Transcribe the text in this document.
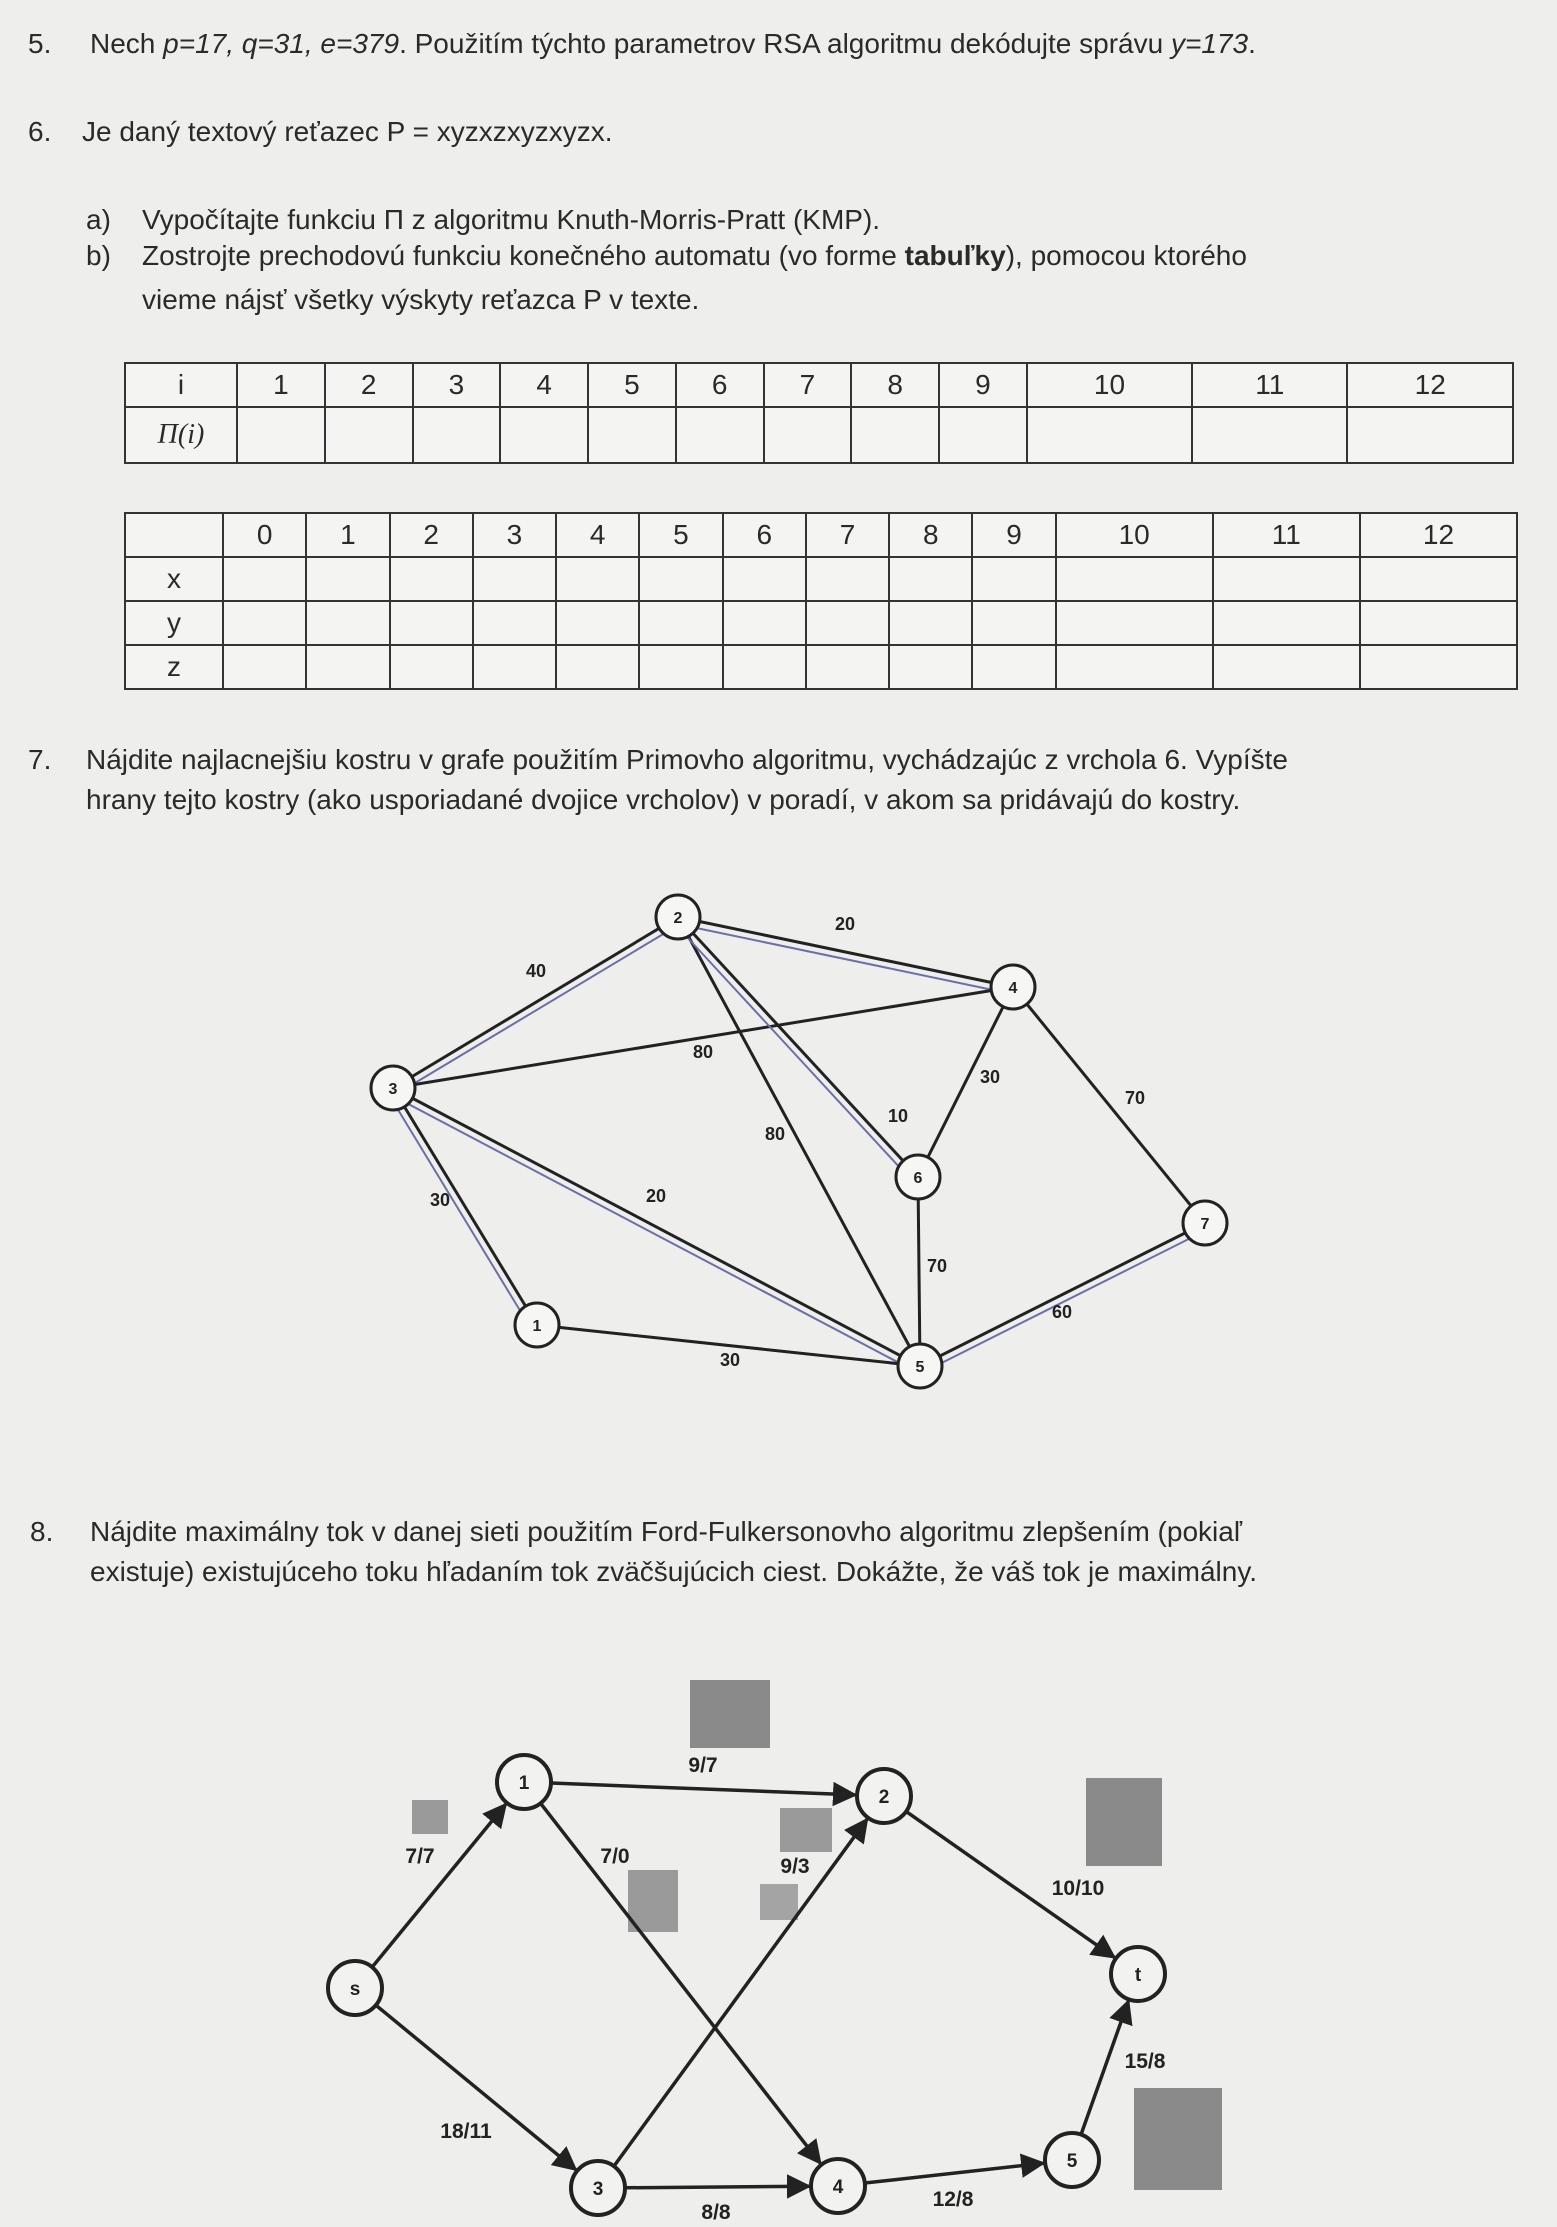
5. Nech p=17, q=31, e=379. Použitím týchto parametrov RSA algoritmu dekódujte správu y=173.
6. Je daný textový reťazec P = xyzxzxyzxyzx.
a) Vypočítajte funkciu Π z algoritmu Knuth-Morris-Pratt (KMP).
b) Zostrojte prechodovú funkciu konečného automatu (vo forme tabuľky), pomocou ktorého
vieme nájsť všetky výskyty reťazca P v texte.
i	1	2	3	4	5	6	7	8	9	10	11	12
Π(i)												
	0	1	2	3	4	5	6	7	8	9	10	11	12
x													
y													
z													
7. Nájdite najlacnejšiu kostru v grafe použitím Primovho algoritmu, vychádzajúc z vrchola 6. Vypíšte
hrany tejto kostry (ako usporiadané dvojice vrcholov) v poradí, v akom sa pridávajú do kostry.
40
20
80
80
10
30
70
30	20
70
60
30
1
2
3
4
5
6
7
8. Nájdite maximálny tok v danej sieti použitím Ford-Fulkersonovho algoritmu zlepšením (pokiaľ
existuje) existujúceho toku hľadaním tok zväčšujúcich ciest. Dokážte, že váš tok je maximálny.
9/7
7/7	7/0	9/3
10/10
18/11
8/8
12/8
15/8
s
1
2
3	4
5
t
